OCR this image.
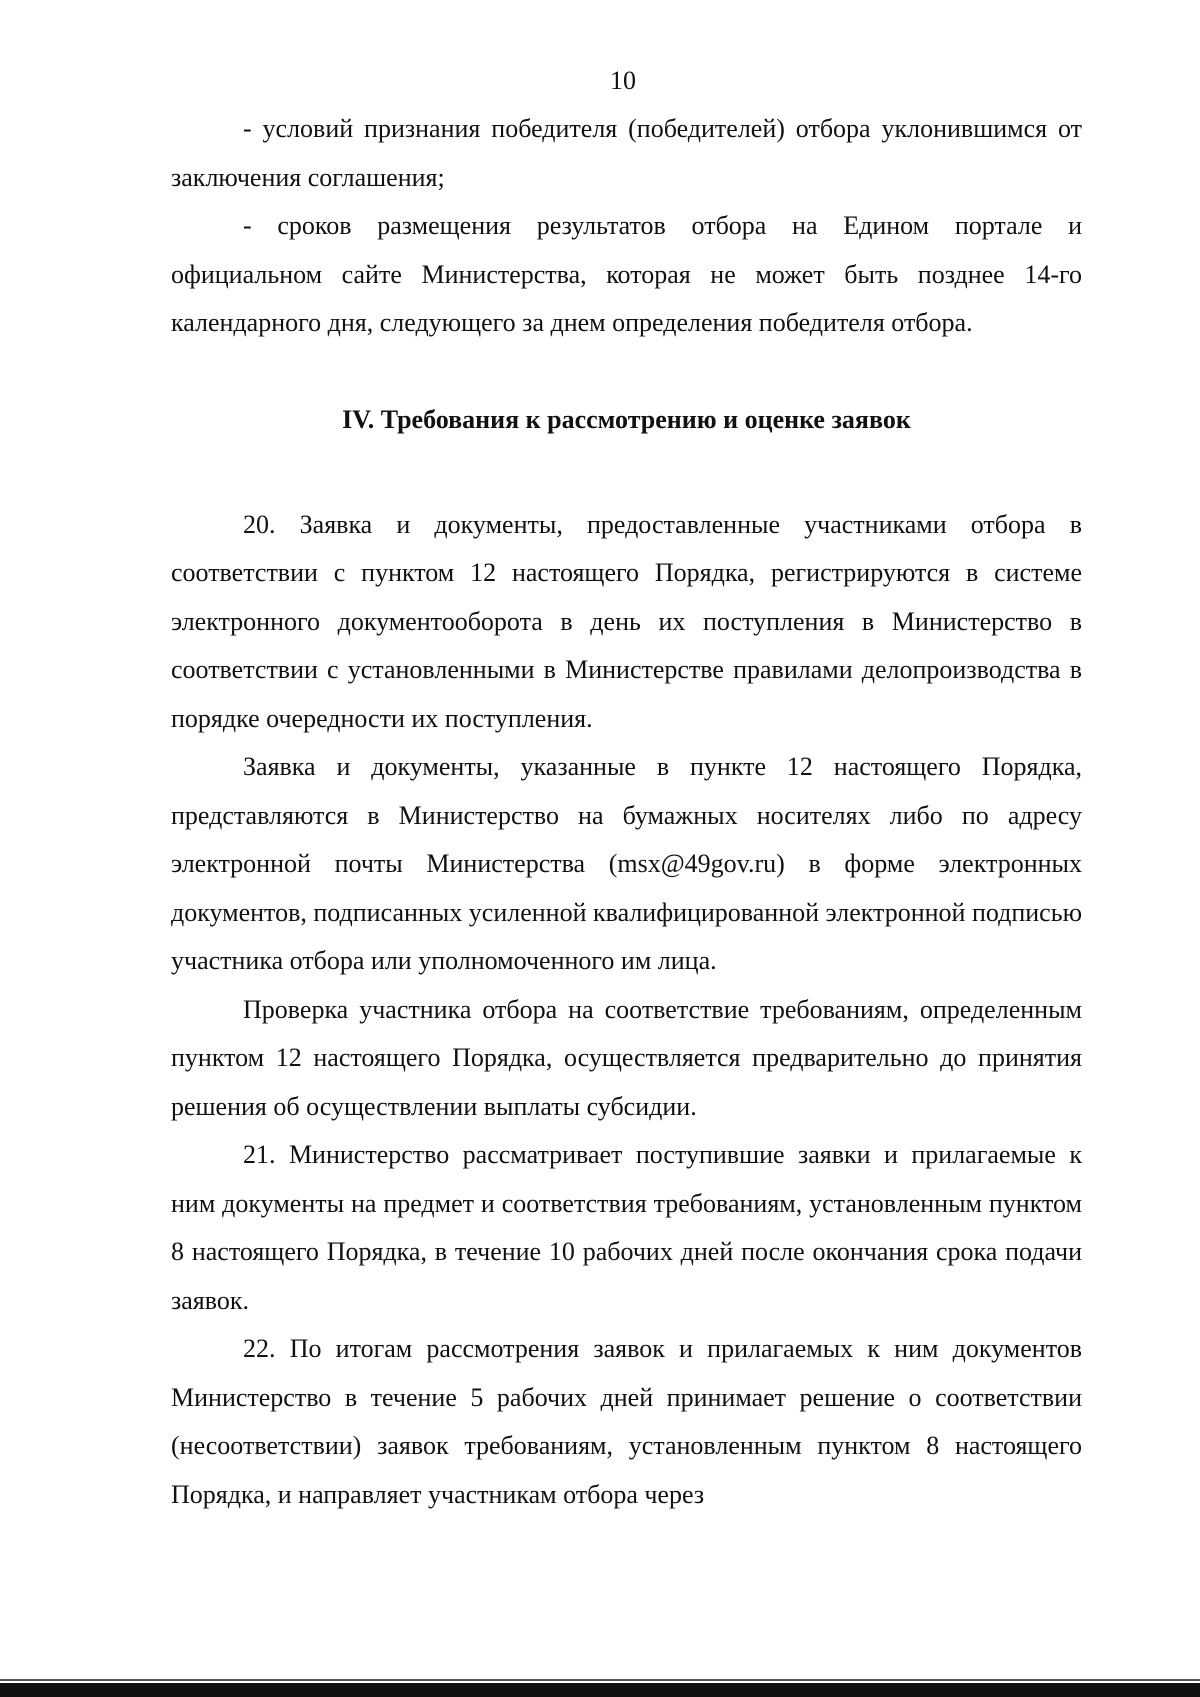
10

- условий признания победителя (победителей) отбора уклонившимся от заключения соглашения;

- сроков размещения результатов отбора на Едином портале и официальном сайте Министерства, которая не может быть позднее 14-го календарного дня, следующего за днем определения победителя отбора.

IV. Требования к рассмотрению и оценке заявок

20. Заявка и документы, предоставленные участниками отбора в соответствии с пунктом 12 настоящего Порядка, регистрируются в системе электронного документооборота в день их поступления в Министерство в соответствии с установленными в Министерстве правилами делопроизводства в порядке очередности их поступления.

Заявка и документы, указанные в пункте 12 настоящего Порядка, представляются в Министерство на бумажных носителях либо по адресу электронной почты Министерства (msx@49gov.ru) в форме электронных документов, подписанных усиленной квалифицированной электронной подписью участника отбора или уполномоченного им лица.

Проверка участника отбора на соответствие требованиям, определенным пунктом 12 настоящего Порядка, осуществляется предварительно до принятия решения об осуществлении выплаты субсидии.

21. Министерство рассматривает поступившие заявки и прилагаемые к ним документы на предмет и соответствия требованиям, установленным пунктом 8 настоящего Порядка, в течение 10 рабочих дней после окончания срока подачи заявок.

22. По итогам рассмотрения заявок и прилагаемых к ним документов Министерство в течение 5 рабочих дней принимает решение о соответствии (несоответствии) заявок требованиям, установленным пунктом 8 настоящего Порядка, и направляет участникам отбора через
